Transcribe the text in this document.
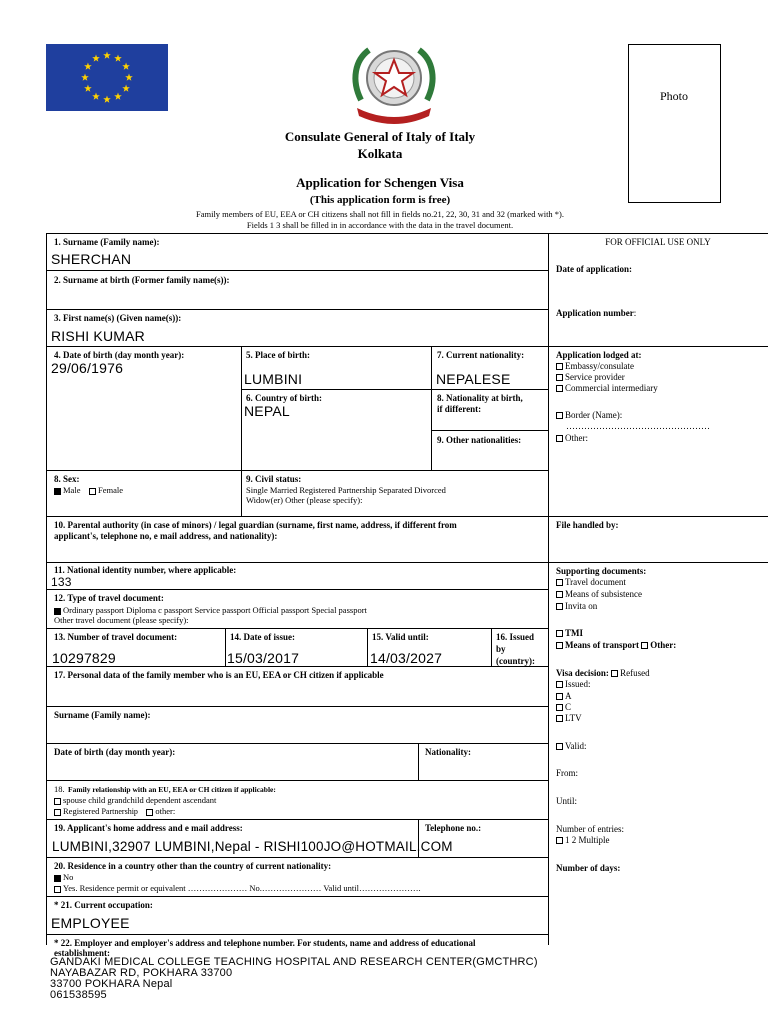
REPUBBLICA ITALIANA
Photo
Consulate General of Italy of Italy
Kolkata
Application for Schengen Visa
(This application form is free)
Family members of EU, EEA or CH citizens shall not fill in fields no.21, 22, 30, 31 and 32 (marked with *).
Fields 1 3 shall be filled in in accordance with the data in the travel document.
1. Surname (Family name):
SHERCHAN
2. Surname at birth (Former family name(s)):
3. First name(s) (Given name(s)):
RISHI KUMAR
4. Date of birth (day month year):
29/06/1976
5. Place of birth:
LUMBINI
7. Current nationality:
NEPALESE
6. Country of birth:
NEPAL
8. Nationality at birth,
if different:
9. Other nationalities:
8. Sex:
Male Female
9. Civil status:
Single Married Registered Partnership Separated Divorced
Widow(er) Other (please specify):
10. Parental authority (in case of minors) / legal guardian (surname, first name, address, if different from
applicant's, telephone no, e mail address, and nationality):
11. National identity number, where applicable:
133
12. Type of travel document:
Ordinary passport Diploma c passport Service passport Official passport Special passport
Other travel document (please specify):
13. Number of travel document:
10297829
14. Date of issue:
15/03/2017
15. Valid until:
14/03/2027
16. Issued
by
(country):
17. Personal data of the family member who is an EU, EEA or CH citizen if applicable
Surname (Family name):
Date of birth (day month year):	Nationality:
18. Family relationship with an EU, EEA or CH citizen if applicable:
spouse child grandchild dependent ascendant
Registered Partnership other:
19. Applicant's home address and e mail address:
LUMBINI,32907 LUMBINI,Nepal - RISHI100JO@HOTMAIL.COM
Telephone no.:
20. Residence in a country other than the country of current nationality:
No
Yes. Residence permit or equivalent ………………… No.………………… Valid until………………….
* 21. Current occupation:
EMPLOYEE
* 22. Employer and employer's address and telephone number. For students, name and address of educational
establishment:
GANDAKI MEDICAL COLLEGE TEACHING HOSPITAL AND RESEARCH CENTER(GMCTHRC)
NAYABAZAR RD, POKHARA 33700
33700 POKHARA Nepal
061538595
FOR OFFICIAL USE ONLY
Date of application:
Application number:
Application lodged at:
Embassy/consulate
Service provider
Commercial intermediary
Border (Name):
…………………………………………
Other:
File handled by:
Supporting documents:
Travel document
Means of subsistence
Invita on
TMI
Means of transport Other:
Visa decision: Refused
Issued:
A
C
LTV
Valid:
From:
Until:
Number of entries:
1 2 Multiple
Number of days:
